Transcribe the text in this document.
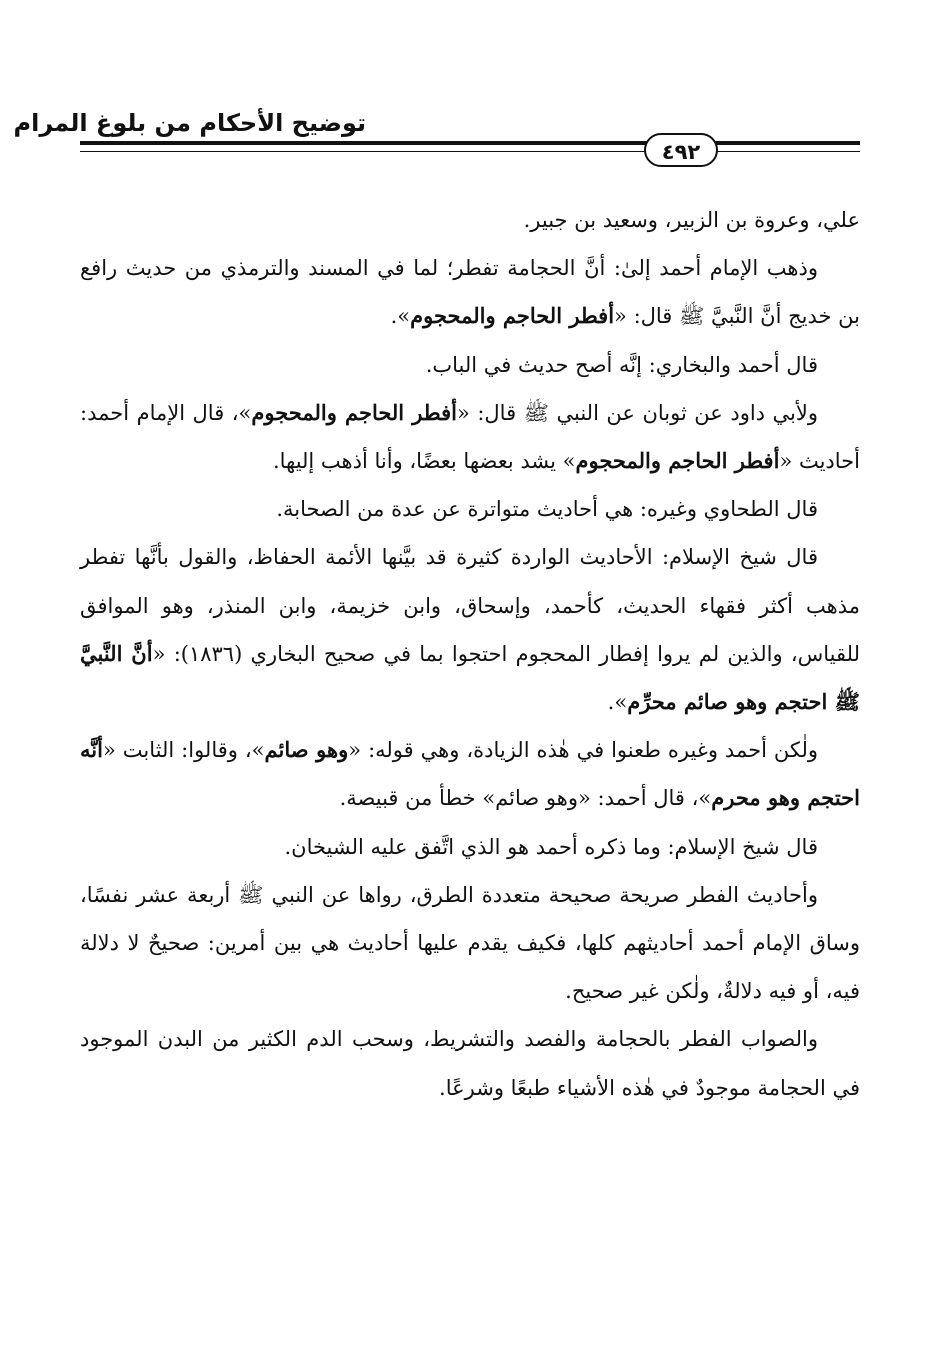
توضيح الأحكام من بلوغ المرام
٤٩٢

علي، وعروة بن الزبير، وسعيد بن جبير.

وذهب الإمام أحمد إلىٰ: أنَّ الحجامة تفطر؛ لما في المسند والترمذي من حديث رافع بن خديج أنَّ النَّبيَّ ﷺ قال: «أفطر الحاجم والمحجوم».

قال أحمد والبخاري: إنَّه أصح حديث في الباب.

ولأبي داود عن ثوبان عن النبي ﷺ قال: «أفطر الحاجم والمحجوم»، قال الإمام أحمد: أحاديث «أفطر الحاجم والمحجوم» يشد بعضها بعضًا، وأنا أذهب إليها.

قال الطحاوي وغيره: هي أحاديث متواترة عن عدة من الصحابة.

قال شيخ الإسلام: الأحاديث الواردة كثيرة قد بيَّنها الأئمة الحفاظ، والقول بأنَّها تفطر مذهب أكثر فقهاء الحديث، كأحمد، وإسحاق، وابن خزيمة، وابن المنذر، وهو الموافق للقياس، والذين لم يروا إفطار المحجوم احتجوا بما في صحيح البخاري (١٨٣٦): «أنَّ النَّبيَّ ﷺ احتجم وهو صائم محرِّم».

ولٰكن أحمد وغيره طعنوا في هٰذه الزيادة، وهي قوله: «وهو صائم»، وقالوا: الثابت «أنَّه احتجم وهو محرم»، قال أحمد: «وهو صائم» خطأ من قبيصة.

قال شيخ الإسلام: وما ذكره أحمد هو الذي اتَّفق عليه الشيخان.

وأحاديث الفطر صريحة صحيحة متعددة الطرق، رواها عن النبي ﷺ أربعة عشر نفسًا، وساق الإمام أحمد أحاديثهم كلها، فكيف يقدم عليها أحاديث هي بين أمرين: صحيحٌ لا دلالة فيه، أو فيه دلالةٌ، ولٰكن غير صحيح.

والصواب الفطر بالحجامة والفصد والتشريط، وسحب الدم الكثير من البدن الموجود في الحجامة موجودٌ في هٰذه الأشياء طبعًا وشرعًا.
